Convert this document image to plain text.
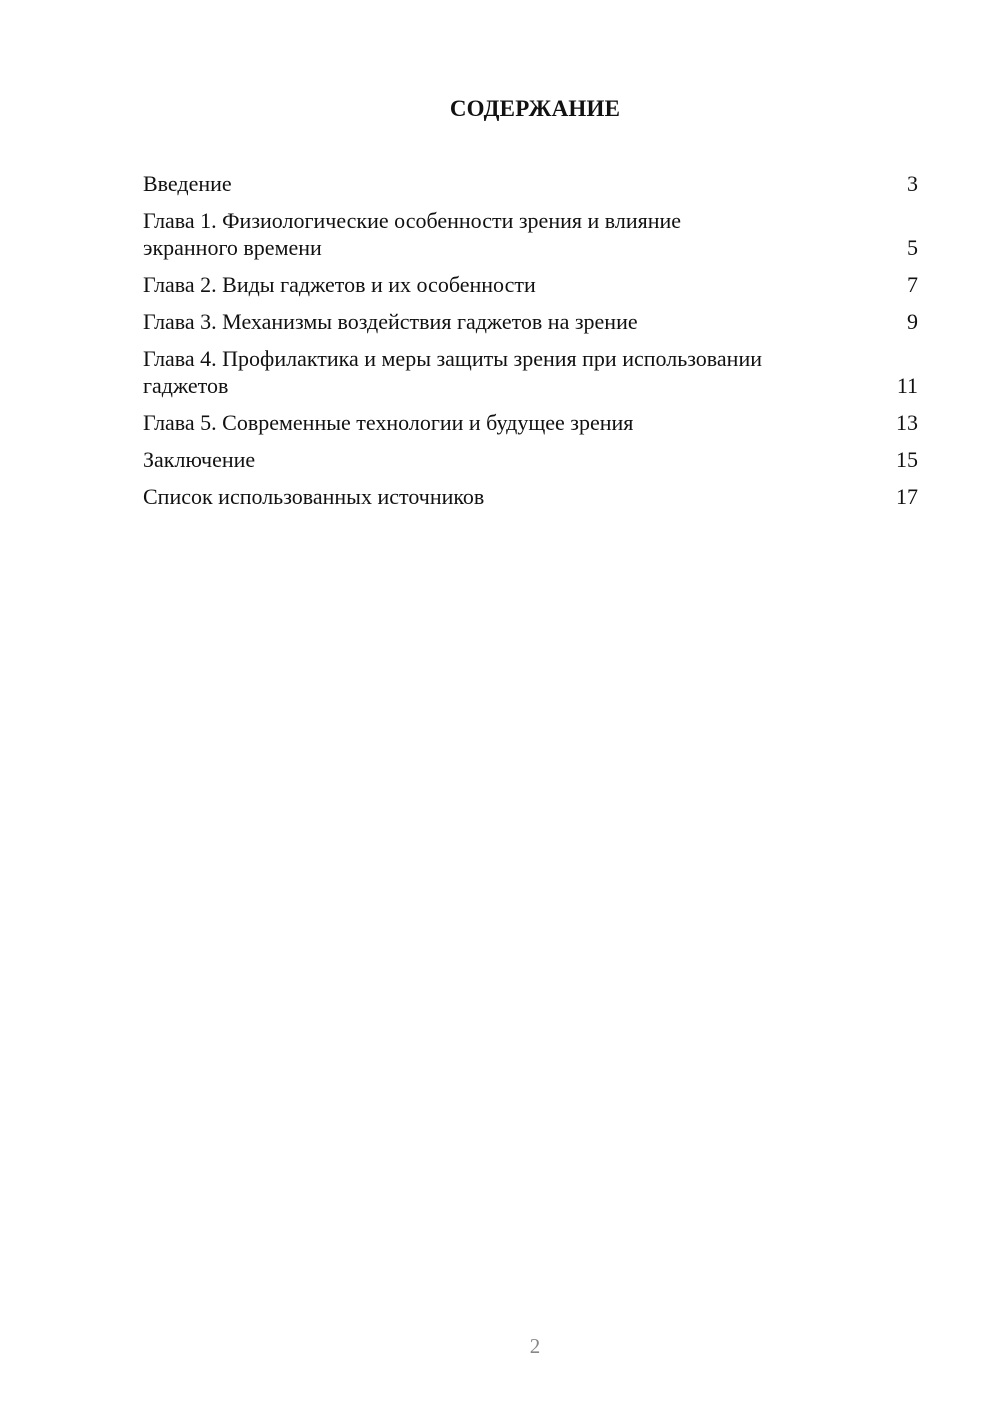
СОДЕРЖАНИЕ
Введение	3
Глава 1. Физиологические особенности зрения и влияние экранного времени	5
Глава 2. Виды гаджетов и их особенности	7
Глава 3. Механизмы воздействия гаджетов на зрение	9
Глава 4. Профилактика и меры защиты зрения при использовании гаджетов	11
Глава 5. Современные технологии и будущее зрения	13
Заключение	15
Список использованных источников	17
2
